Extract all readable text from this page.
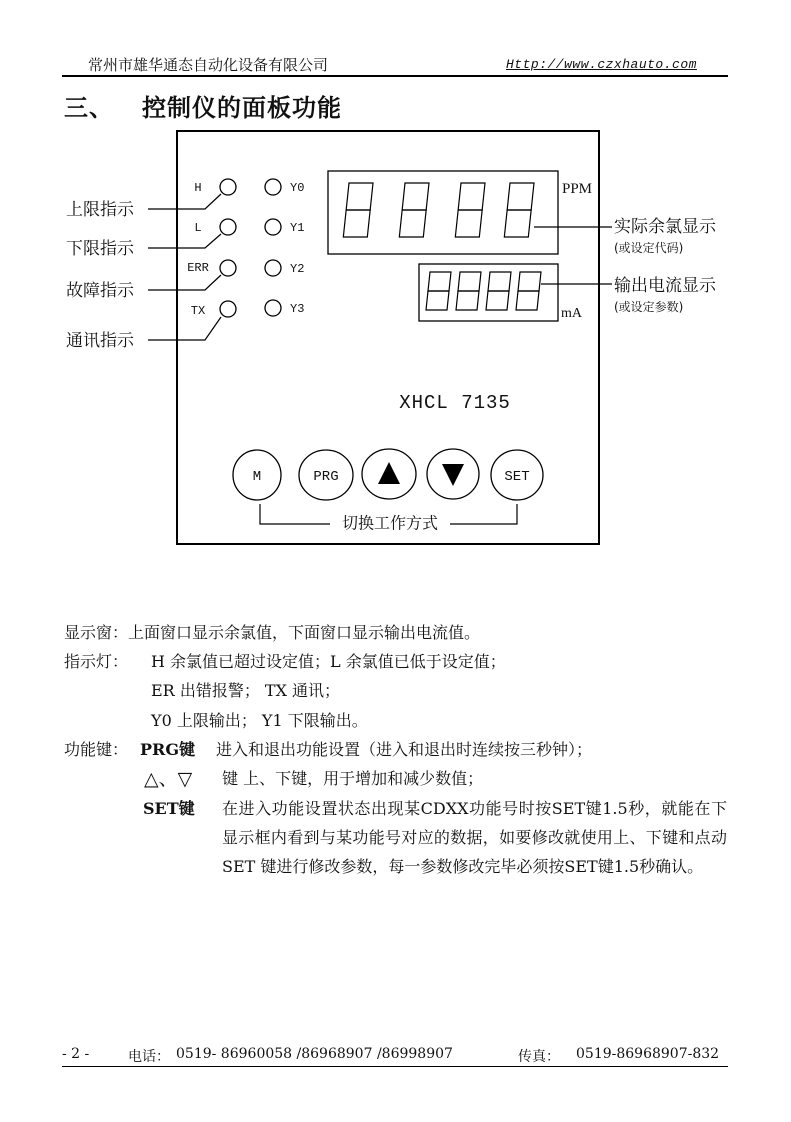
常州市雄华通态自动化设备有限公司	Http://www.czxhauto.com
三、 控制仪的面板功能
H
L
ERR
TX
Y0
Y1
Y2
Y3
上限指示
下限指示
故障指示
通讯指示
PPM
实际余氯显示
(或设定代码)
mA
输出电流显示
(或设定参数)
XHCL 7135
M	PRG	SET
切换工作方式
显示窗：上面窗口显示余氯值，下面窗口显示输出电流值。
指示灯： H 余氯值已超过设定值；L 余氯值已低于设定值；
ER 出错报警； TX 通讯；
Y0 上限输出； Y1 下限输出。
功能键： PRG键 进入和退出功能设置（进入和退出时连续按三秒钟）；
△、▽ 键 上、下键，用于增加和减少数值；
SET键 在进入功能设置状态出现某CDXX功能号时按SET键1.5秒，就能在下显示框内看到与某功能号对应的数据，如要修改就使用上、下键和点动 SET 键进行修改参数，每一参数修改完毕必须按SET键1.5秒确认。
- 2 -	电话： 0519- 86960058 /86968907 /86998907	传真： 0519-86968907-832
